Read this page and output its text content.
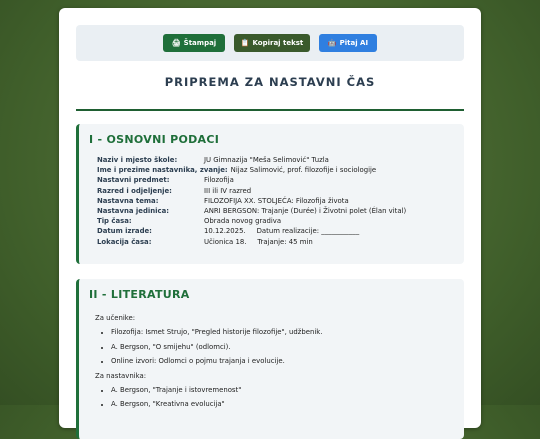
🖨 Štampaj	📋 Kopiraj tekst	🤖 Pitaj AI
PRIPREMA ZA NASTAVNI ČAS
I - OSNOVNI PODACI
Naziv i mjesto škole:	JU Gimnazija "Meša Selimović" Tuzla
Ime i prezime nastavnika, zvanje: Nijaz Salimović, prof. filozofije i sociologije
Nastavni predmet:	Filozofija
Razred i odjeljenje:	III ili IV razred
Nastavna tema:	FILOZOFIJA XX. STOLJEĆA: Filozofija života
Nastavna jedinica:	ANRI BERGSON: Trajanje (Durée) i Životni polet (Élan vital)
Tip časa:	Obrada novog gradiva
Datum izrade:	10.12.2025.     Datum realizacije: ___________
Lokacija časa:	Učionica 18.     Trajanje: 45 min
II - LITERATURA

Za učenike:

• Filozofija: Ismet Strujo, "Pregled historije filozofije", udžbenik.
• A. Bergson, "O smijehu" (odlomci).
• Online izvori: Odlomci o pojmu trajanja i evolucije.

Za nastavnika:

• A. Bergson, "Trajanje i istovremenost"
• A. Bergson, "Kreativna evolucija"
